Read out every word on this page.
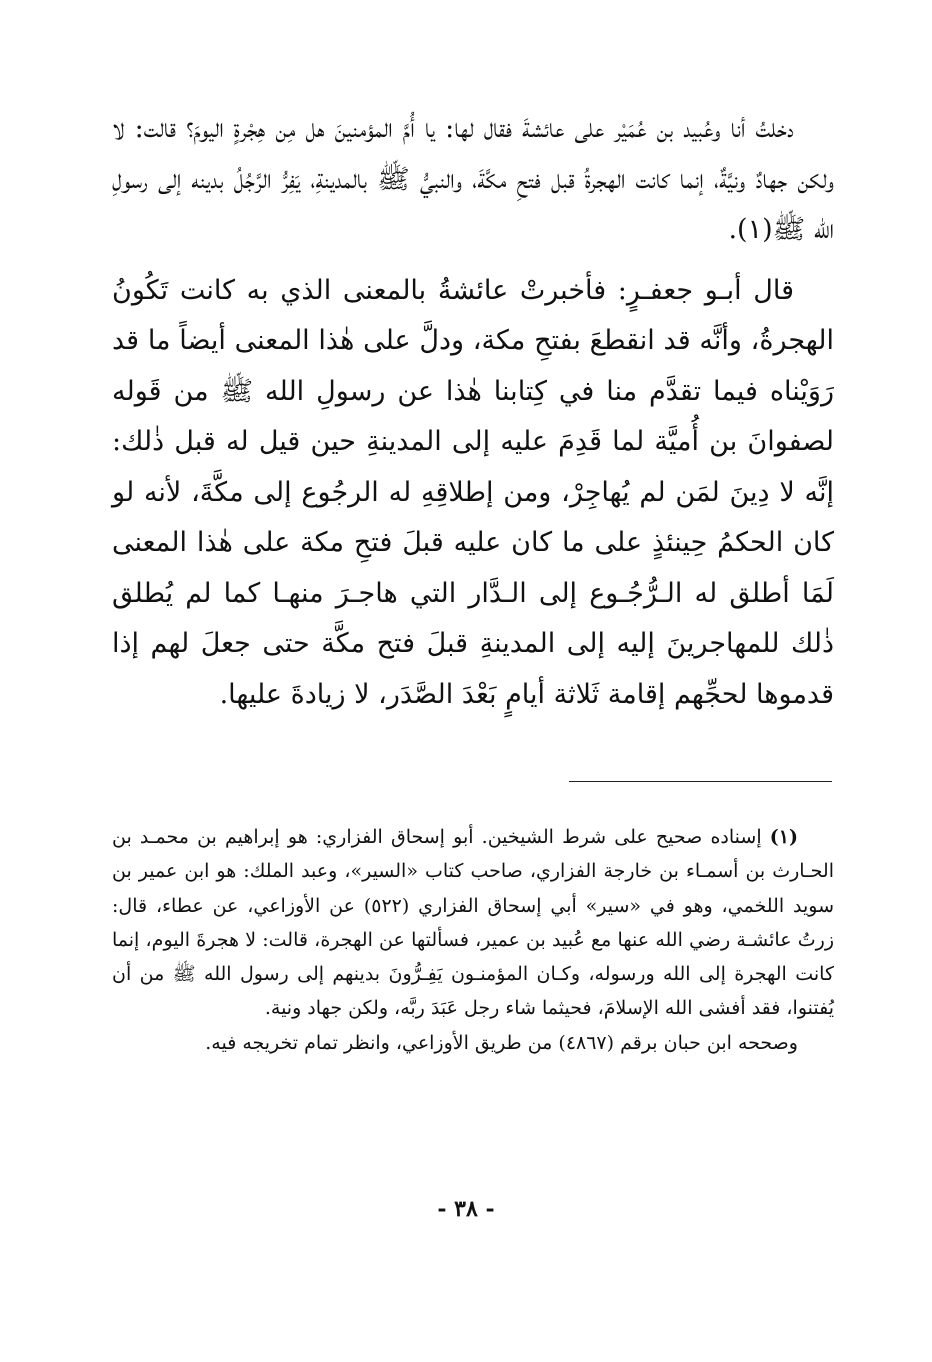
دخلتُ أنا وعُبيد بن عُمَيْر على عائشةَ فقال لها: يا أُمَّ المؤمنينَ هل مِن هِجْرةٍ اليومَ؟ قالت: لا ولكن جهادٌ ونيَّةٌ، إنما كانت الهجرةُ قبل فتحِ مكَّةَ، والنبيُّ ﷺ بالمدينةِ، يَفِرُّ الرَّجُلُ بدينه إلى رسولِ الله ﷺ(١).

قال أبـو جعفـرٍ: فأخبرتْ عائشةُ بالمعنى الذي به كانت تَكُونُ الهجرةُ، وأنَّه قد انقطعَ بفتحِ مكة، ودلَّ على هٰذا المعنى أيضاً ما قد رَوَيْناه فيما تقدَّم منا في كِتابنا هٰذا عن رسولِ الله ﷺ من قَوله لصفوانَ بن أُميَّة لما قَدِمَ عليه إلى المدينةِ حين قيل له قبل ذٰلك: إنَّه لا دِينَ لمَن لم يُهاجِرْ، ومن إطلاقِهِ له الرجُوع إلى مكَّةَ، لأنه لو كان الحكمُ حِينئذٍ على ما كان عليه قبلَ فتحِ مكة على هٰذا المعنى لَمَا أطلق له الـرُّجُـوع إلى الـدَّار التي هاجـرَ منهـا كما لم يُطلق ذٰلك للمهاجرينَ إليه إلى المدينةِ قبلَ فتح مكَّة حتى جعلَ لهم إذا قدموها لحجِّهم إقامة ثَلاثة أيامٍ بَعْدَ الصَّدَر، لا زيادةَ عليها.

(١) إسناده صحيح على شرط الشيخين. أبو إسحاق الفزاري: هو إبراهيم بن محمـد بن الحـارث بن أسمـاء بن خارجة الفزاري، صاحب كتاب «السير»، وعبد الملك: هو ابن عمير بن سويد اللخمي، وهو في «سير» أبي إسحاق الفزاري (٥٢٢) عن الأوزاعي، عن عطاء، قال: زرتُ عائشـة رضي الله عنها مع عُبيد بن عمير، فسألتها عن الهجرة، قالت: لا هجرةَ اليوم، إنما كانت الهجرة إلى الله ورسوله، وكـان المؤمنـون يَفِـرُّونَ بدينهم إلى رسول الله ﷺ من أن يُفتنوا، فقد أفشى الله الإسلامَ، فحيثما شاء رجل عَبَدَ ربَّه، ولكن جهاد ونية.

وصححه ابن حبان برقم (٤٨٦٧) من طريق الأوزاعي، وانظر تمام تخريجه فيه.

- ٣٨ -
